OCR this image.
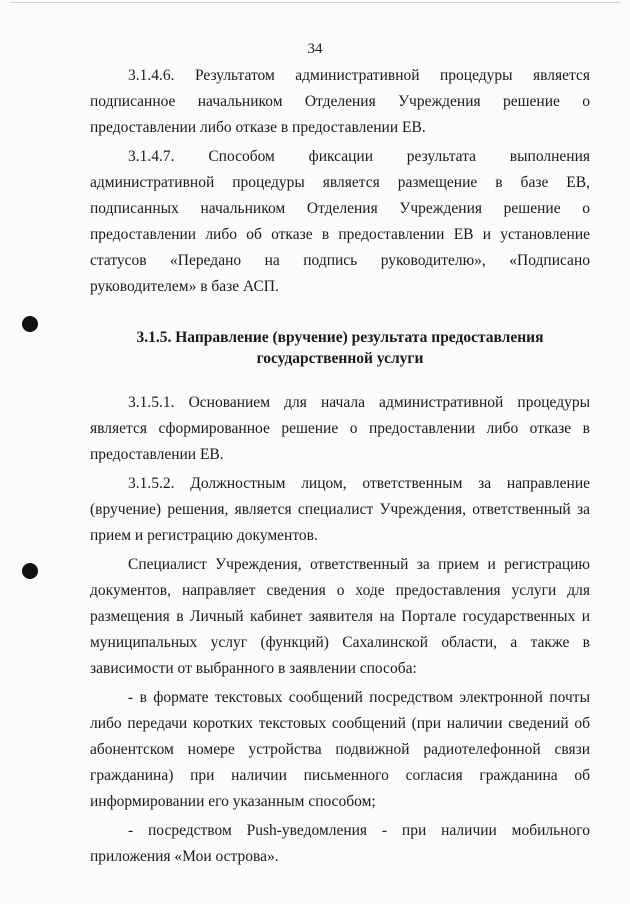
34

3.1.4.6. Результатом административной процедуры является подписанное начальником Отделения Учреждения решение о предоставлении либо отказе в предоставлении ЕВ.

3.1.4.7. Способом фиксации результата выполнения административной процедуры является размещение в базе ЕВ, подписанных начальником Отделения Учреждения решение о предоставлении либо об отказе в предоставлении ЕВ и установление статусов «Передано на подпись руководителю», «Подписано руководителем» в базе АСП.

3.1.5. Направление (вручение) результата предоставления
государственной услуги

3.1.5.1. Основанием для начала административной процедуры является сформированное решение о предоставлении либо отказе в предоставлении ЕВ.

3.1.5.2. Должностным лицом, ответственным за направление (вручение) решения, является специалист Учреждения, ответственный за прием и регистрацию документов.

Специалист Учреждения, ответственный за прием и регистрацию документов, направляет сведения о ходе предоставления услуги для размещения в Личный кабинет заявителя на Портале государственных и муниципальных услуг (функций) Сахалинской области, а также в зависимости от выбранного в заявлении способа:

- в формате текстовых сообщений посредством электронной почты либо передачи коротких текстовых сообщений (при наличии сведений об абонентском номере устройства подвижной радиотелефонной связи гражданина) при наличии письменного согласия гражданина об информировании его указанным способом;

- посредством Push-уведомления - при наличии мобильного приложения «Мои острова».
